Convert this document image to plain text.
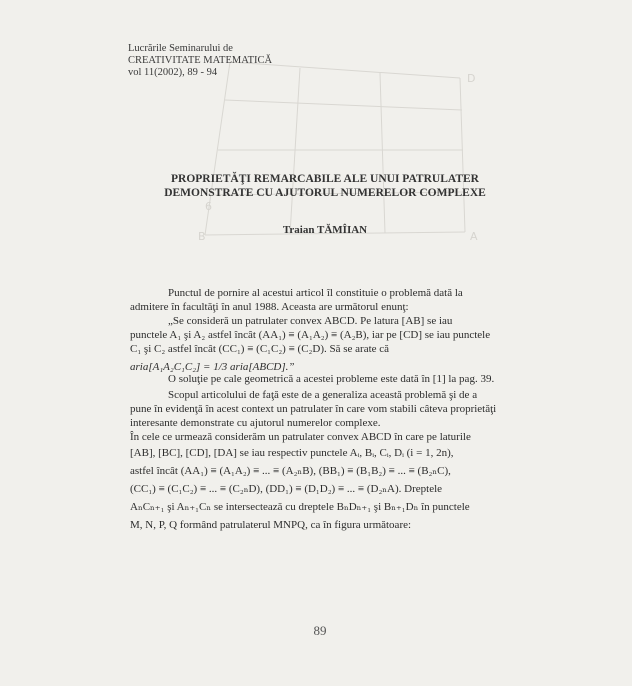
B	A
D
6
Lucrările Seminarului de
CREATIVITATE MATEMATICĂ
vol 11(2002), 89 - 94
PROPRIETĂŢI REMARCABILE ALE UNUI PATRULATER
DEMONSTRATE CU AJUTORUL NUMERELOR COMPLEXE
Traian TĂMÎIAN
Punctul de pornire al acestui articol îl constituie o problemă dată la
admitere în facultăţi în anul 1988. Aceasta are următorul enunţ:
„Se consideră un patrulater convex ABCD. Pe latura [AB] se iau
punctele A₁ şi A₂ astfel încât (AA₁) ≡ (A₁A₂) ≡ (A₂B), iar pe [CD] se iau punctele
C₁ şi C₂ astfel încât (CC₁) ≡ (C₁C₂) ≡ (C₂D). Să se arate că
aria[A₁A₂C₁C₂] = 1/3 aria[ABCD].”
O soluţie pe cale geometrică a acestei probleme este dată în [1] la pag. 39.
Scopul articolului de faţă este de a generaliza această problemă şi de a
pune în evidenţă în acest context un patrulater în care vom stabili câteva proprietăţi
interesante demonstrate cu ajutorul numerelor complexe.
În cele ce urmează considerăm un patrulater convex ABCD în care pe laturile
[AB], [BC], [CD], [DA] se iau respectiv punctele Aᵢ, Bᵢ, Cᵢ, Dᵢ (i = 1, 2n),
astfel încât (AA₁) ≡ (A₁A₂) ≡ ... ≡ (A₂ₙB), (BB₁) ≡ (B₁B₂) ≡ ... ≡ (B₂ₙC),
(CC₁) ≡ (C₁C₂) ≡ ... ≡ (C₂ₙD), (DD₁) ≡ (D₁D₂) ≡ ... ≡ (D₂ₙA). Dreptele
AₙCₙ₊₁ şi Aₙ₊₁Cₙ se intersectează cu dreptele BₙDₙ₊₁ şi Bₙ₊₁Dₙ în punctele
M, N, P, Q formând patrulaterul MNPQ, ca în figura următoare:
89
